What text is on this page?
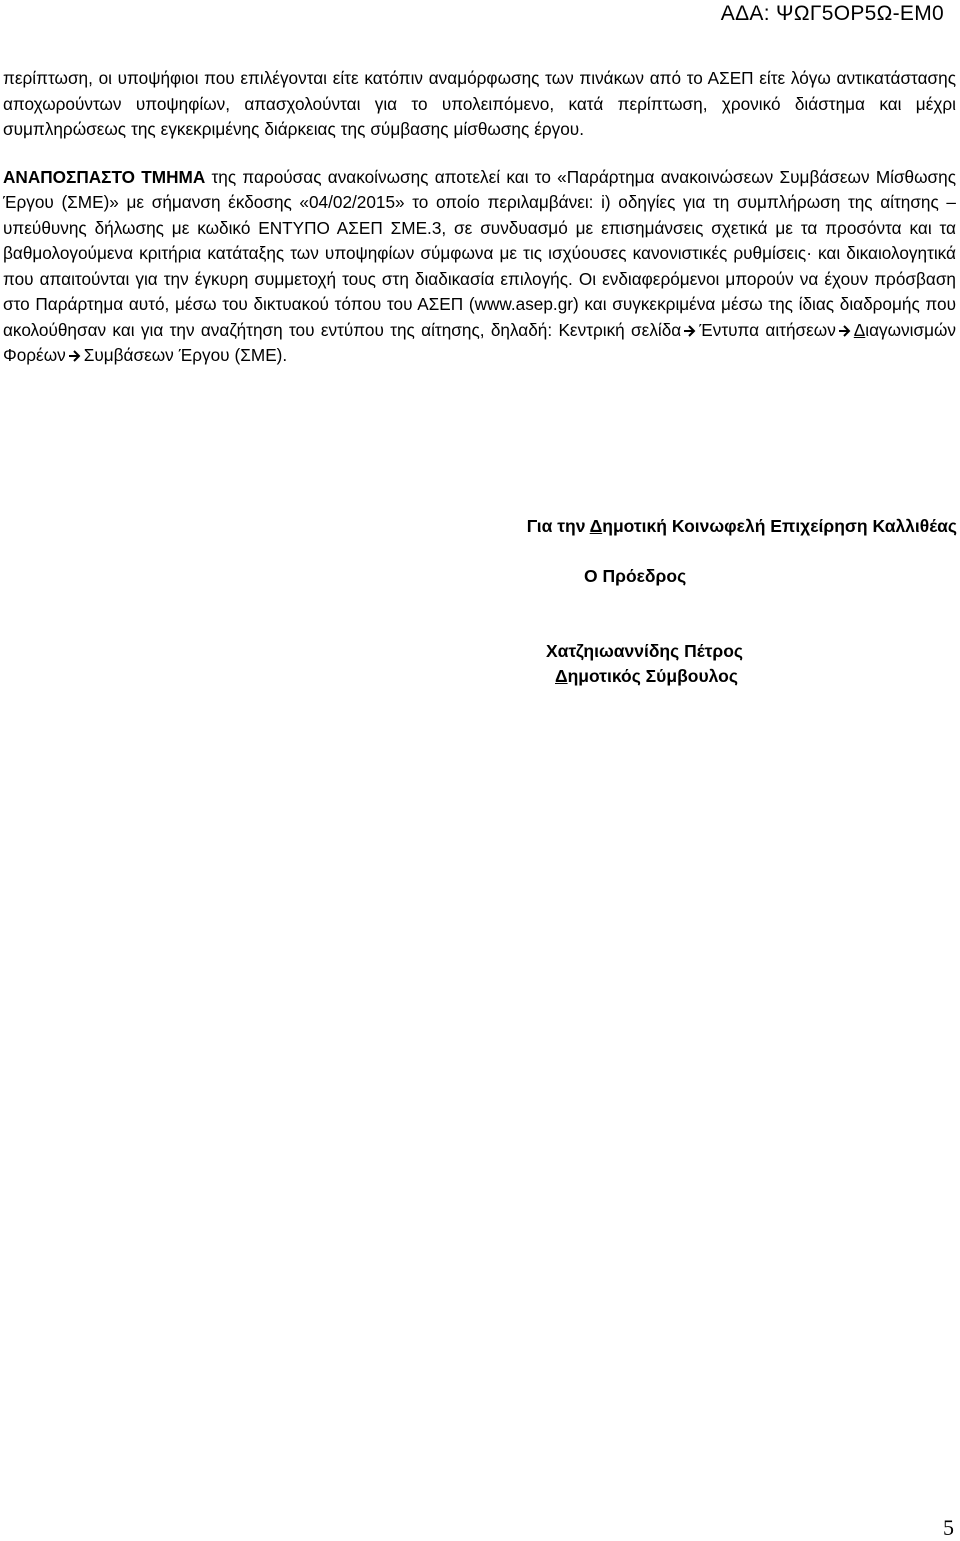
ΑΔΑ: ΨΩΓ5ΟΡ5Ω-ΕΜ0

περίπτωση, οι υποψήφιοι που επιλέγονται είτε κατόπιν αναμόρφωσης των πινάκων από το ΑΣΕΠ είτε λόγω αντικατάστασης αποχωρούντων υποψηφίων, απασχολούνται για το υπολειπόμενο, κατά περίπτωση, χρονικό διάστημα και μέχρι συμπληρώσεως της εγκεκριμένης διάρκειας της σύμβασης μίσθωσης έργου.

ΑΝΑΠΟΣΠΑΣΤΟ ΤΜΗΜΑ της παρούσας ανακοίνωσης αποτελεί και το «Παράρτημα ανακοινώσεων Συμβάσεων Μίσθωσης Έργου (ΣΜΕ)» με σήμανση έκδοσης «04/02/2015» το οποίο περιλαμβάνει: i) οδηγίες για τη συμπλήρωση της αίτησης – υπεύθυνης δήλωσης με κωδικό ΕΝΤΥΠΟ ΑΣΕΠ ΣΜΕ.3, σε συνδυασμό με επισημάνσεις σχετικά με τα προσόντα και τα βαθμολογούμενα κριτήρια κατάταξης των υποψηφίων σύμφωνα με τις ισχύουσες κανονιστικές ρυθμίσεις· και δικαιολογητικά που απαιτούνται για την έγκυρη συμμετοχή τους στη διαδικασία επιλογής. Οι ενδιαφερόμενοι μπορούν να έχουν πρόσβαση στο Παράρτημα αυτό, μέσω του δικτυακού τόπου του ΑΣΕΠ (www.asep.gr) και συγκεκριμένα μέσω της ίδιας διαδρομής που ακολούθησαν και για την αναζήτηση του εντύπου της αίτησης, δηλαδή: Κεντρική σελίδα Έντυπα αιτήσεων Διαγωνισμών Φορέων Συμβάσεων Έργου (ΣΜΕ).

Για την Δημοτική Κοινωφελή Επιχείρηση Καλλιθέας
Ο Πρόεδρος
Χατζηιωαννίδης Πέτρος
Δημοτικός Σύμβουλος
5
